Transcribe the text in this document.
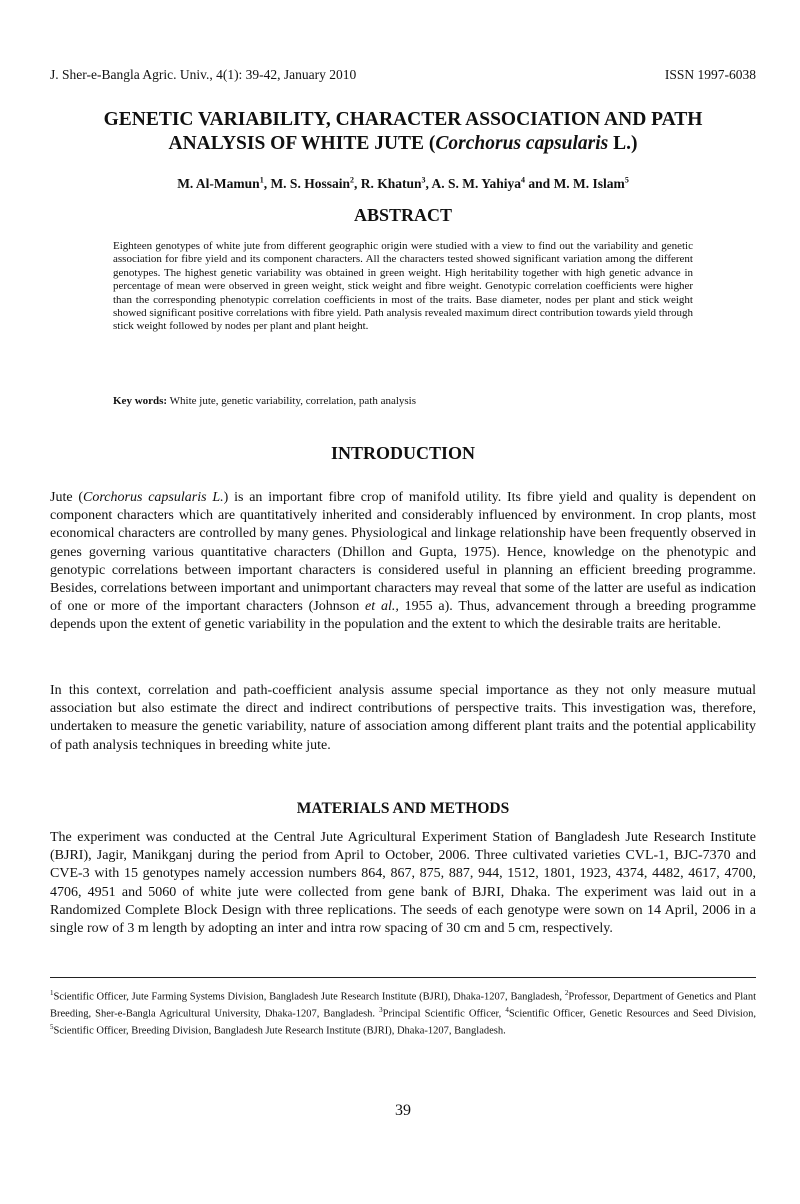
J. Sher-e-Bangla Agric. Univ., 4(1): 39-42, January 2010	ISSN 1997-6038
GENETIC VARIABILITY, CHARACTER ASSOCIATION AND PATH
ANALYSIS OF WHITE JUTE (Corchorus capsularis L.)
M. Al-Mamun$^1$, M. S. Hossain$^2$, R. Khatun$^3$, A. S. M. Yahiya$^4$ and M. M. Islam$^5$
ABSTRACT

Eighteen genotypes of white jute from different geographic origin were studied with a view to find out the variability and genetic association for fibre yield and its component characters. All the characters tested showed significant variation among the different genotypes. The highest genetic variability was obtained in green weight. High heritability together with high genetic advance in percentage of mean were observed in green weight, stick weight and fibre weight. Genotypic correlation coefficients were higher than the corresponding phenotypic correlation coefficients in most of the traits. Base diameter, nodes per plant and stick weight showed significant positive correlations with fibre yield. Path analysis revealed maximum direct contribution towards yield through stick weight followed by nodes per plant and plant height.

Key words: White jute, genetic variability, correlation, path analysis

INTRODUCTION

Jute (Corchorus capsularis L.) is an important fibre crop of manifold utility. Its fibre yield and quality is dependent on component characters which are quantitatively inherited and considerably influenced by environment. In crop plants, most economical characters are controlled by many genes. Physiological and linkage relationship have been frequently observed in genes governing various quantitative characters (Dhillon and Gupta, 1975). Hence, knowledge on the phenotypic and genotypic correlations between important characters is considered useful in planning an efficient breeding programme. Besides, correlations between important and unimportant characters may reveal that some of the latter are useful as indication of one or more of the important characters (Johnson et al., 1955 a). Thus, advancement through a breeding programme depends upon the extent of genetic variability in the population and the extent to which the desirable traits are heritable.

In this context, correlation and path-coefficient analysis assume special importance as they not only measure mutual association but also estimate the direct and indirect contributions of perspective traits. This investigation was, therefore, undertaken to measure the genetic variability, nature of association among different plant traits and the potential applicability of path analysis techniques in breeding white jute.

MATERIALS AND METHODS

The experiment was conducted at the Central Jute Agricultural Experiment Station of Bangladesh Jute Research Institute (BJRI), Jagir, Manikganj during the period from April to October, 2006. Three cultivated varieties CVL-1, BJC-7370 and CVE-3 with 15 genotypes namely accession numbers 864, 867, 875, 887, 944, 1512, 1801, 1923, 4374, 4482, 4617, 4700, 4706, 4951 and 5060 of white jute were collected from gene bank of BJRI, Dhaka. The experiment was laid out in a Randomized Complete Block Design with three replications. The seeds of each genotype were sown on 14 April, 2006 in a single row of 3 m length by adopting an inter and intra row spacing of 30 cm and 5 cm, respectively.

$^1$Scientific Officer, Jute Farming Systems Division, Bangladesh Jute Research Institute (BJRI), Dhaka-1207, Bangladesh, $^2$Professor, Department of Genetics and Plant Breeding, Sher-e-Bangla Agricultural University, Dhaka-1207, Bangladesh. $^3$Principal Scientific Officer, $^4$Scientific Officer, Genetic Resources and Seed Division, $^5$Scientific Officer, Breeding Division, Bangladesh Jute Research Institute (BJRI), Dhaka-1207, Bangladesh.

39
